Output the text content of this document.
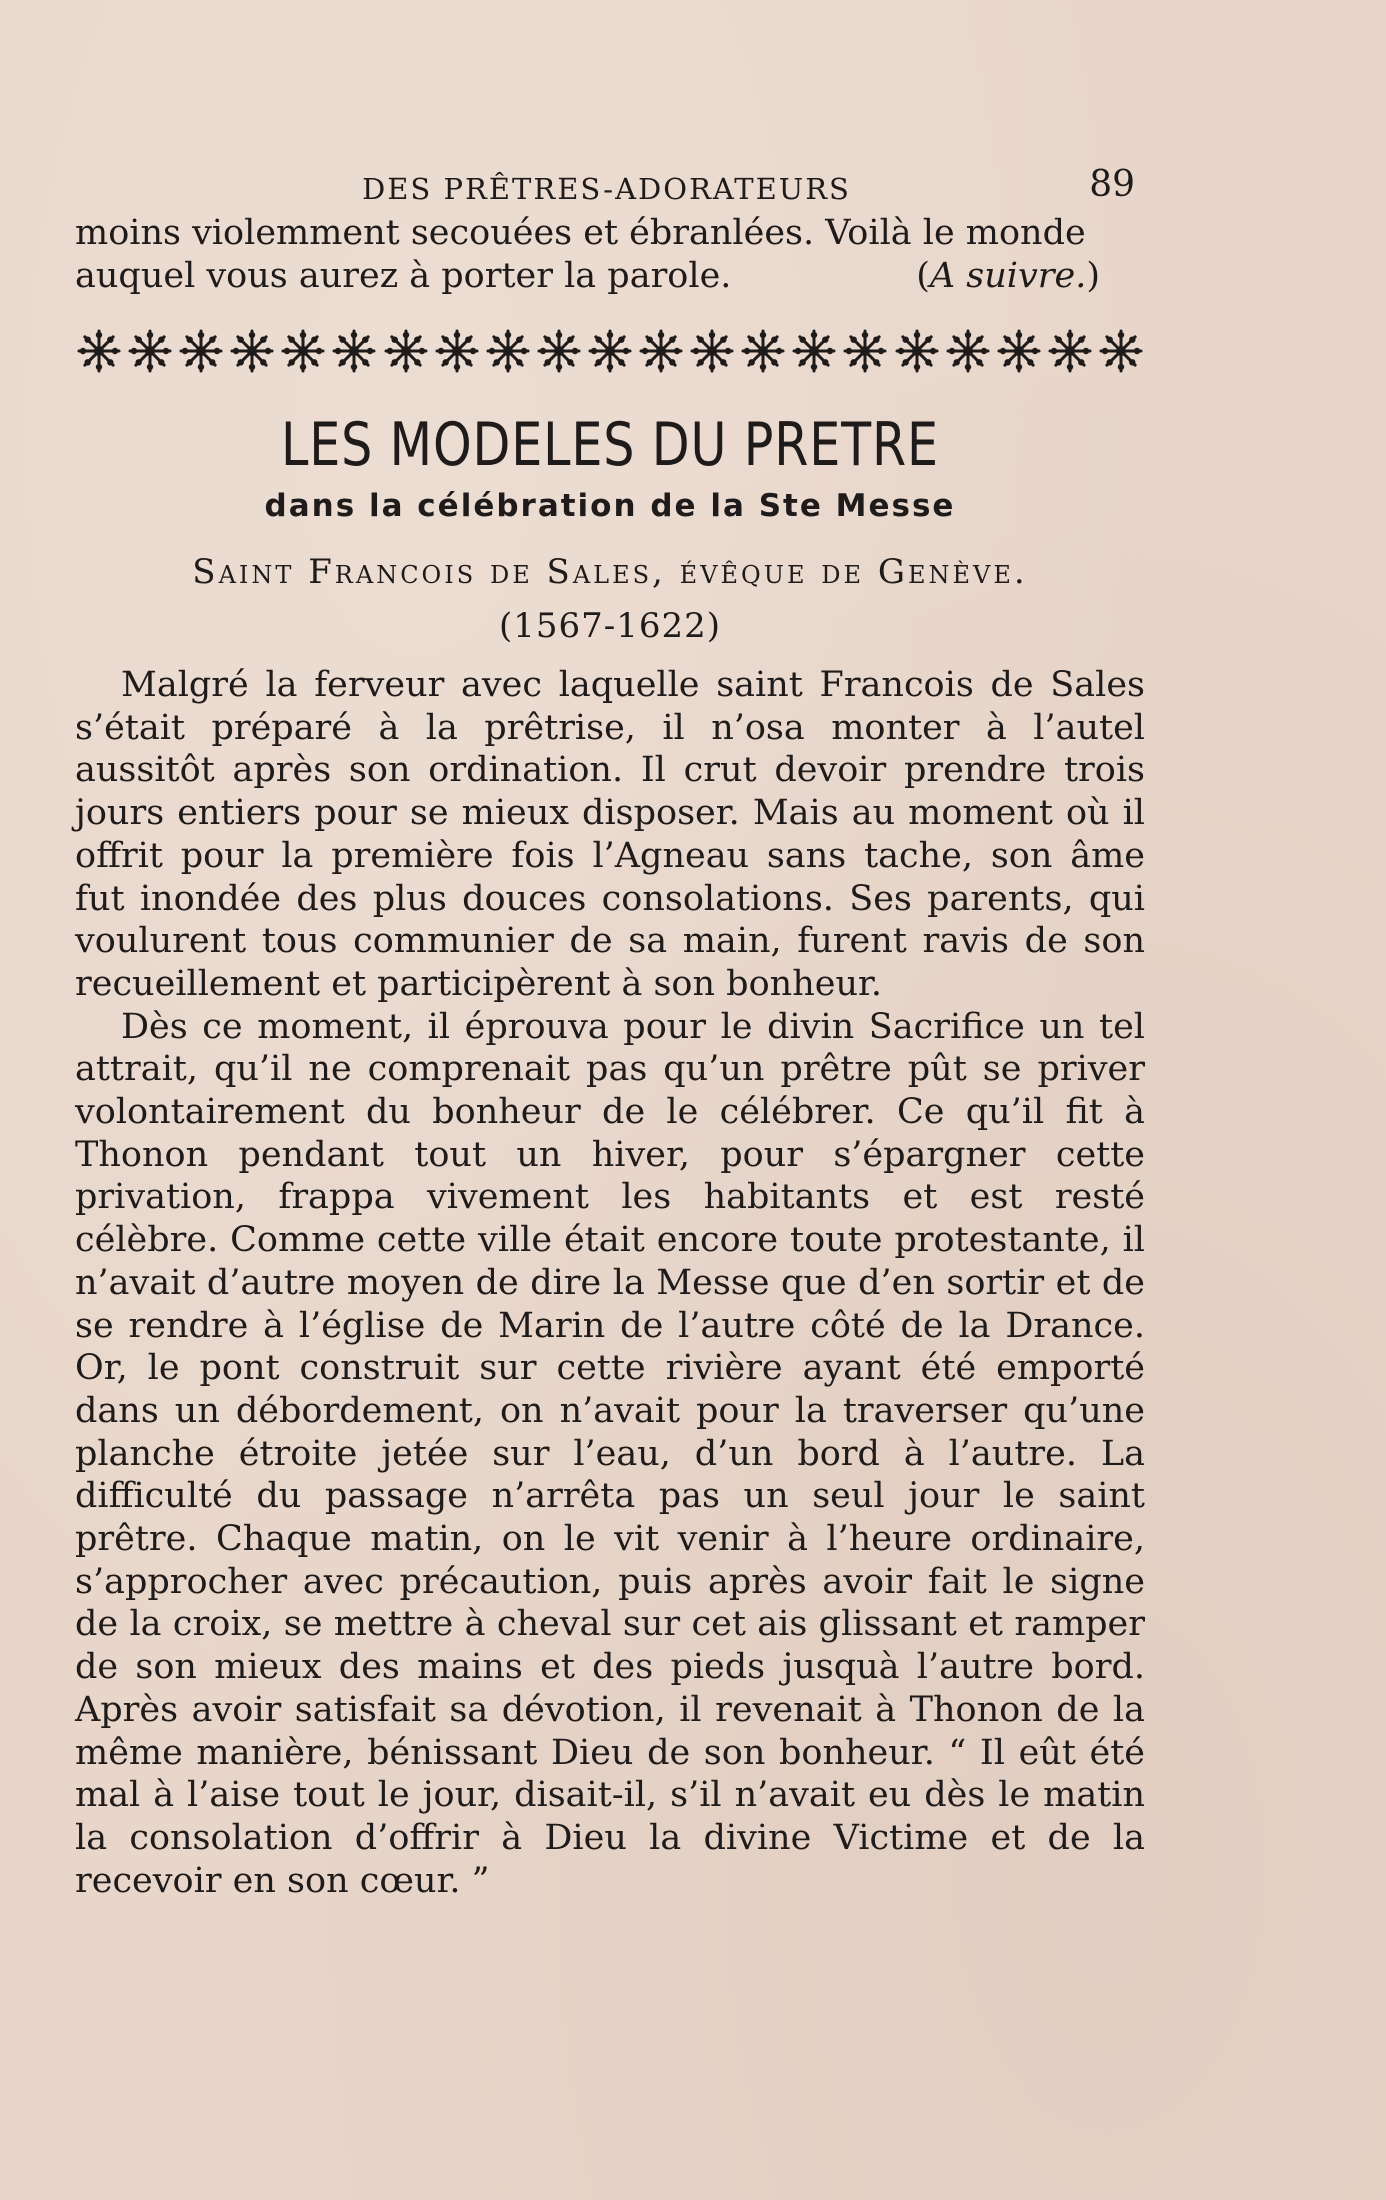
DES PRÊTRES-ADORATEURS	89
moins violemment secouées et ébranlées. Voilà le monde
auquel vous aurez à porter la parole.	(A suivre.)
LES MODELES DU PRETRE
dans la célébration de la Ste Messe
Saint Francois de Sales, évêque de Genève.
(1567-1622)

Malgré la ferveur avec laquelle saint Francois de Sales s’était préparé à la prêtrise, il n’osa monter à l’autel aussitôt après son ordination. Il crut devoir prendre trois jours entiers pour se mieux disposer. Mais au moment où il offrit pour la première fois l’Agneau sans tache, son âme fut inondée des plus douces consolations. Ses parents, qui voulurent tous communier de sa main, furent ravis de son recueillement et participèrent à son bonheur.

Dès ce moment, il éprouva pour le divin Sacrifice un tel attrait, qu’il ne comprenait pas qu’un prêtre pût se priver volontairement du bonheur de le célébrer. Ce qu’il fit à Thonon pendant tout un hiver, pour s’épargner cette privation, frappa vivement les habitants et est resté célèbre. Comme cette ville était encore toute protestante, il n’avait d’autre moyen de dire la Messe que d’en sortir et de se rendre à l’église de Marin de l’autre côté de la Drance. Or, le pont construit sur cette rivière ayant été emporté dans un débordement, on n’avait pour la traverser qu’une planche étroite jetée sur l’eau, d’un bord à l’autre. La difficulté du passage n’arrêta pas un seul jour le saint prêtre. Chaque matin, on le vit venir à l’heure ordinaire, s’approcher avec précaution, puis après avoir fait le signe de la croix, se mettre à cheval sur cet ais glissant et ramper de son mieux des mains et des pieds jusquà l’autre bord. Après avoir satisfait sa dévotion, il revenait à Thonon de la même manière, bénissant Dieu de son bonheur. “ Il eût été mal à l’aise tout le jour, disait-il, s’il n’avait eu dès le matin la consolation d’offrir à Dieu la divine Victime et de la recevoir en son cœur. ”
